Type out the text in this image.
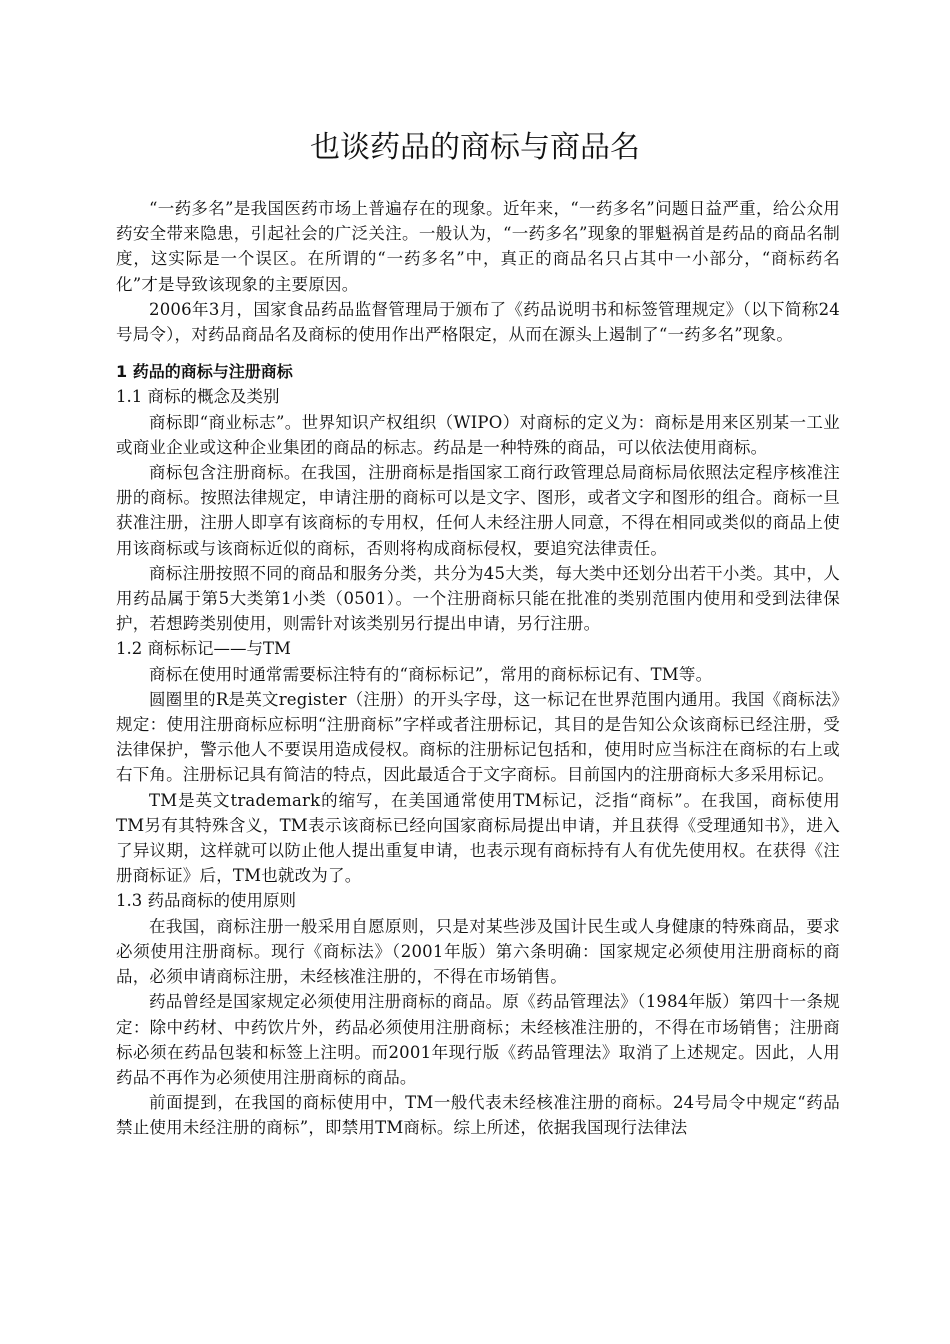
也谈药品的商标与商品名

“一药多名”是我国医药市场上普遍存在的现象。近年来，“一药多名”问题日益严重，给公众用药安全带来隐患，引起社会的广泛关注。一般认为，“一药多名”现象的罪魁祸首是药品的商品名制度，这实际是一个误区。在所谓的“一药多名”中，真正的商品名只占其中一小部分，“商标药名化”才是导致该现象的主要原因。

2006年3月，国家食品药品监督管理局于颁布了《药品说明书和标签管理规定》（以下简称24号局令），对药品商品名及商标的使用作出严格限定，从而在源头上遏制了“一药多名”现象。

1 药品的商标与注册商标
1.1 商标的概念及类别

商标即“商业标志”。世界知识产权组织（WIPO）对商标的定义为：商标是用来区别某一工业或商业企业或这种企业集团的商品的标志。药品是一种特殊的商品，可以依法使用商标。

商标包含注册商标。在我国，注册商标是指国家工商行政管理总局商标局依照法定程序核准注册的商标。按照法律规定，申请注册的商标可以是文字、图形，或者文字和图形的组合。商标一旦获准注册，注册人即享有该商标的专用权，任何人未经注册人同意，不得在相同或类似的商品上使用该商标或与该商标近似的商标，否则将构成商标侵权，要追究法律责任。

商标注册按照不同的商品和服务分类，共分为45大类，每大类中还划分出若干小类。其中，人用药品属于第5大类第1小类（0501）。一个注册商标只能在批准的类别范围内使用和受到法律保护，若想跨类别使用，则需针对该类别另行提出申请，另行注册。

1.2 商标标记——与TM

商标在使用时通常需要标注特有的“商标标记”，常用的商标标记有、TM等。

圆圈里的R是英文register（注册）的开头字母，这一标记在世界范围内通用。我国《商标法》规定：使用注册商标应标明“注册商标”字样或者注册标记，其目的是告知公众该商标已经注册，受法律保护，警示他人不要误用造成侵权。商标的注册标记包括和，使用时应当标注在商标的右上或右下角。注册标记具有简洁的特点，因此最适合于文字商标。目前国内的注册商标大多采用标记。

TM是英文trademark的缩写，在美国通常使用TM标记，泛指“商标”。在我国，商标使用TM另有其特殊含义，TM表示该商标已经向国家商标局提出申请，并且获得《受理通知书》，进入了异议期，这样就可以防止他人提出重复申请，也表示现有商标持有人有优先使用权。在获得《注册商标证》后，TM也就改为了。

1.3 药品商标的使用原则

在我国，商标注册一般采用自愿原则，只是对某些涉及国计民生或人身健康的特殊商品，要求必须使用注册商标。现行《商标法》（2001年版）第六条明确：国家规定必须使用注册商标的商品，必须申请商标注册，未经核准注册的，不得在市场销售。

药品曾经是国家规定必须使用注册商标的商品。原《药品管理法》（1984年版）第四十一条规定：除中药材、中药饮片外，药品必须使用注册商标；未经核准注册的，不得在市场销售；注册商标必须在药品包装和标签上注明。而2001年现行版《药品管理法》取消了上述规定。因此，人用药品不再作为必须使用注册商标的商品。

前面提到，在我国的商标使用中，TM一般代表未经核准注册的商标。24号局令中规定“药品禁止使用未经注册的商标”，即禁用TM商标。综上所述，依据我国现行法律法
